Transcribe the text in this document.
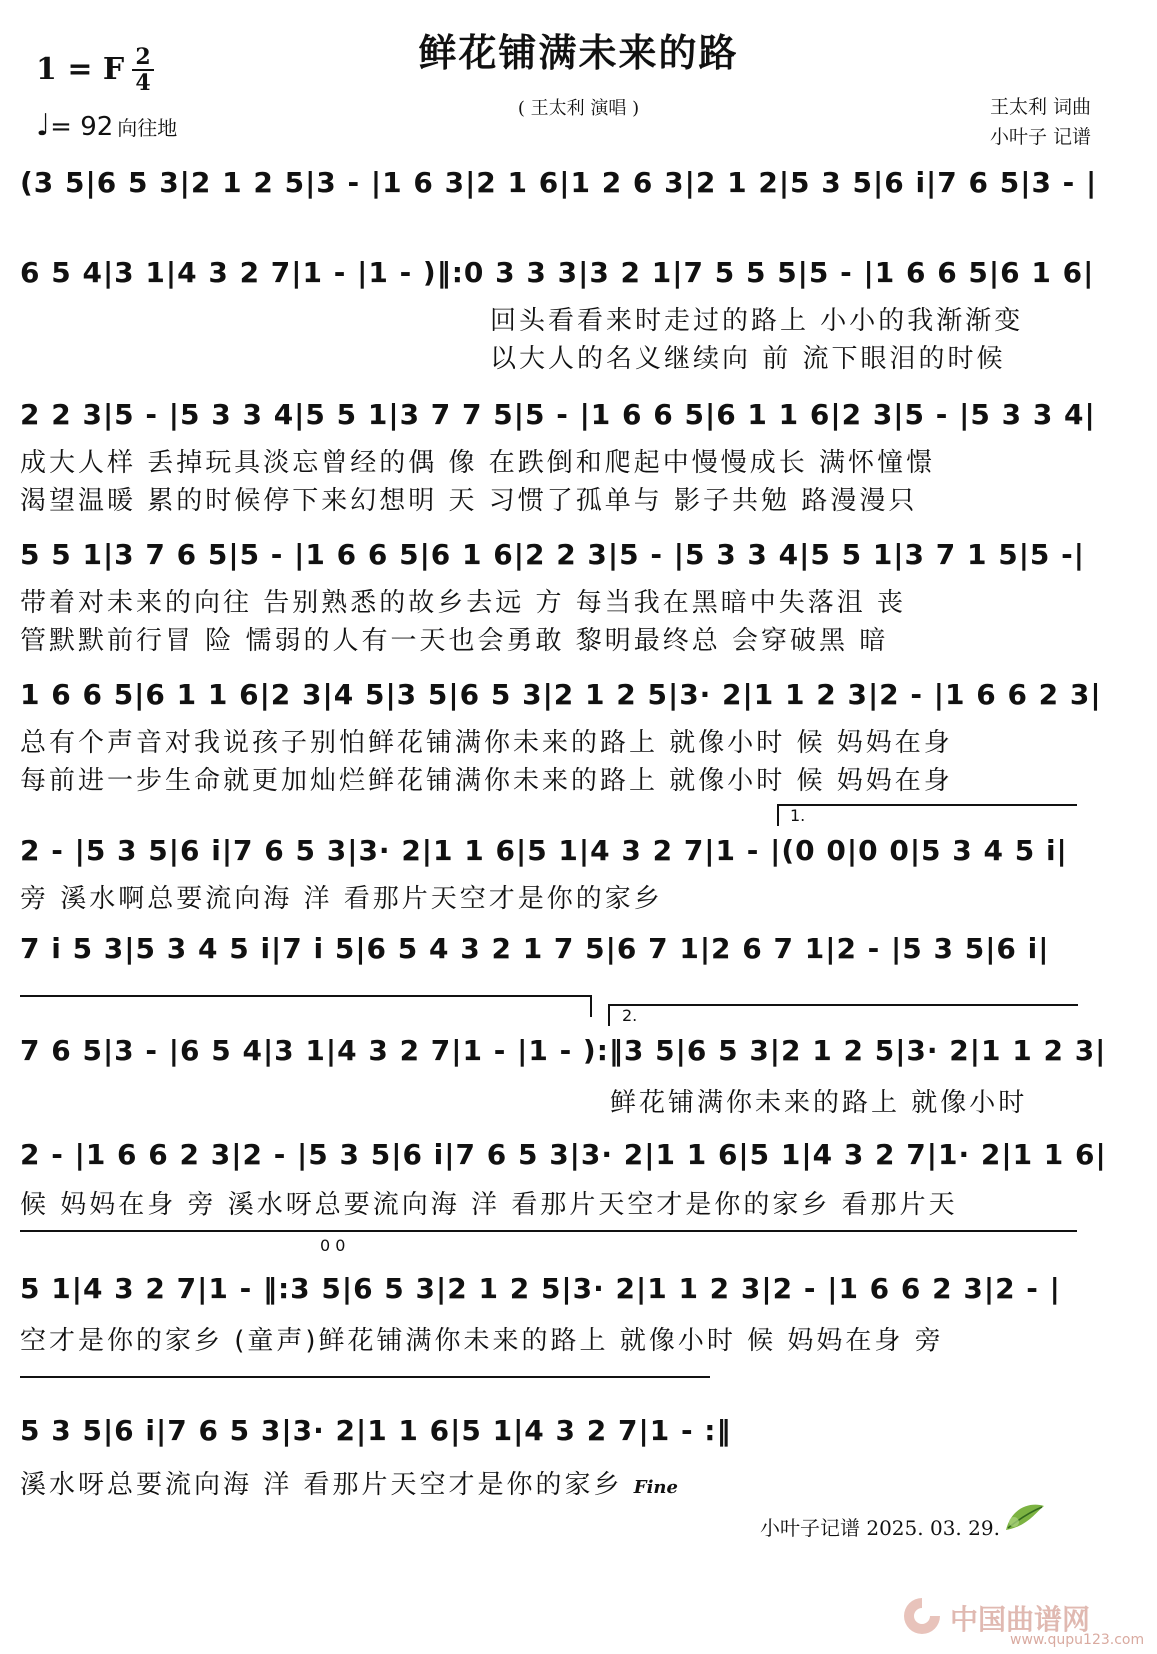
鲜花铺满未来的路
( 王太利 演唱 )
1 = F 2
4
♩= 92 向往地
王太利 词曲
小叶子 记谱
(3 5|6 5 3|2 1 2 5|3 - |1 6 3|2 1 6|1 2 6 3|2 1 2|5 3 5|6 i|7 6 5|3 - |
6 5 4|3 1|4 3 2 7|1 - |1 - )‖:0 3 3 3|3 2 1|7 5 5 5|5 - |1 6 6 5|6 1 6|
回头看看来时走过的路上 小小的我渐渐变
以大人的名义继续向 前 流下眼泪的时候
2 2 3|5 - |5 3 3 4|5 5 1|3 7 7 5|5 - |1 6 6 5|6 1 1 6|2 3|5 - |5 3 3 4|
成大人样 丢掉玩具淡忘曾经的偶 像 在跌倒和爬起中慢慢成长 满怀憧憬
渴望温暖 累的时候停下来幻想明 天 习惯了孤单与 影子共勉 路漫漫只
5 5 1|3 7 6 5|5 - |1 6 6 5|6 1 6|2 2 3|5 - |5 3 3 4|5 5 1|3 7 1 5|5 -|
带着对未来的向往 告别熟悉的故乡去远 方 每当我在黑暗中失落沮 丧
管默默前行冒 险 懦弱的人有一天也会勇敢 黎明最终总 会穿破黑 暗
1 6 6 5|6 1 1 6|2 3|4 5|3 5|6 5 3|2 1 2 5|3· 2|1 1 2 3|2 - |1 6 6 2 3|
总有个声音对我说孩子别怕鲜花铺满你未来的路上 就像小时 候 妈妈在身
每前进一步生命就更加灿烂鲜花铺满你未来的路上 就像小时 候 妈妈在身
1.
2 - |5 3 5|6 i|7 6 5 3|3· 2|1 1 6|5 1|4 3 2 7|1 - |(0 0|0 0|5 3 4 5 i|
旁 溪水啊总要流向海 洋 看那片天空才是你的家乡
7 i 5 3|5 3 4 5 i|7 i 5|6 5 4 3 2 1 7 5|6 7 1|2 6 7 1|2 - |5 3 5|6 i|
2.
7 6 5|3 - |6 5 4|3 1|4 3 2 7|1 - |1 - ):‖3 5|6 5 3|2 1 2 5|3· 2|1 1 2 3|
鲜花铺满你未来的路上 就像小时
2 - |1 6 6 2 3|2 - |5 3 5|6 i|7 6 5 3|3· 2|1 1 6|5 1|4 3 2 7|1· 2|1 1 6|
候 妈妈在身 旁 溪水呀总要流向海 洋 看那片天空才是你的家乡 看那片天
0 0
5 1|4 3 2 7|1 - ‖:3 5|6 5 3|2 1 2 5|3· 2|1 1 2 3|2 - |1 6 6 2 3|2 - |
空才是你的家乡 (童声)鲜花铺满你未来的路上 就像小时 候 妈妈在身 旁
5 3 5|6 i|7 6 5 3|3· 2|1 1 6|5 1|4 3 2 7|1 - :‖
溪水呀总要流向海 洋 看那片天空才是你的家乡 Fine
小叶子记谱 2025. 03. 29.
中国曲谱网
www.qupu123.com
